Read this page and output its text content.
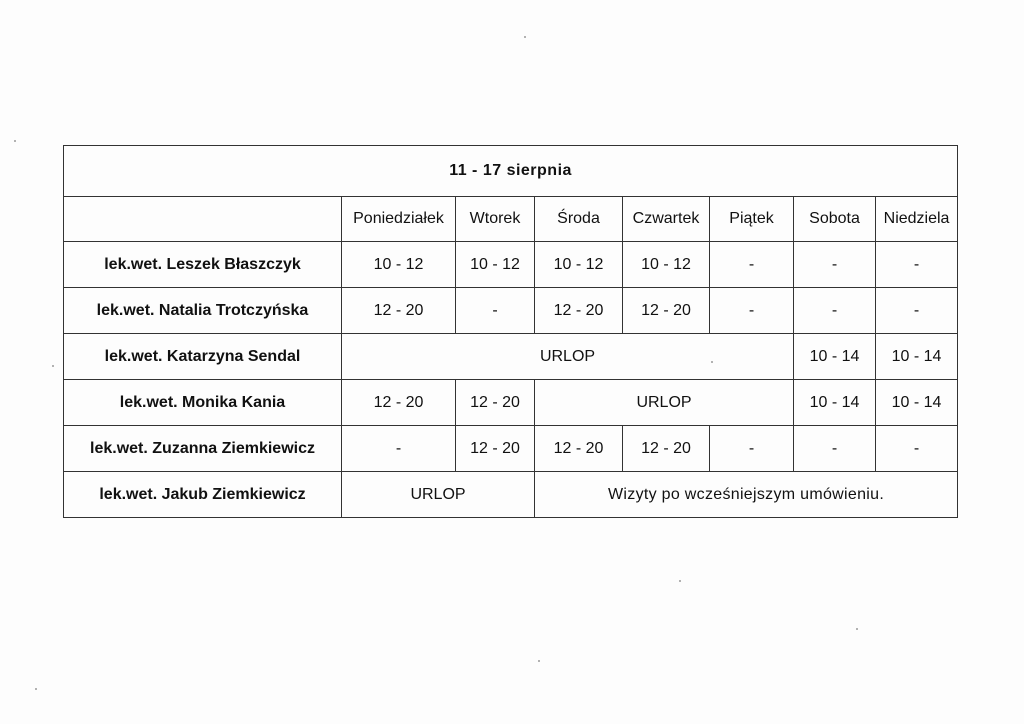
11 - 17 sierpnia							
	Poniedziałek	Wtorek	Środa	Czwartek	Piątek	Sobota	Niedziela
lek.wet. Leszek Błaszczyk	10 - 12	10 - 12	10 - 12	10 - 12	-	-	-
lek.wet. Natalia Trotczyńska	12 - 20	-	12 - 20	12 - 20	-	-	-
lek.wet. Katarzyna Sendal	URLOP					10 - 14	10 - 14
lek.wet. Monika Kania	12 - 20	12 - 20	URLOP			10 - 14	10 - 14
lek.wet. Zuzanna Ziemkiewicz	-	12 - 20	12 - 20	12 - 20	-	-	-
lek.wet. Jakub Ziemkiewicz	URLOP		Wizyty po wcześniejszym umówieniu.				
